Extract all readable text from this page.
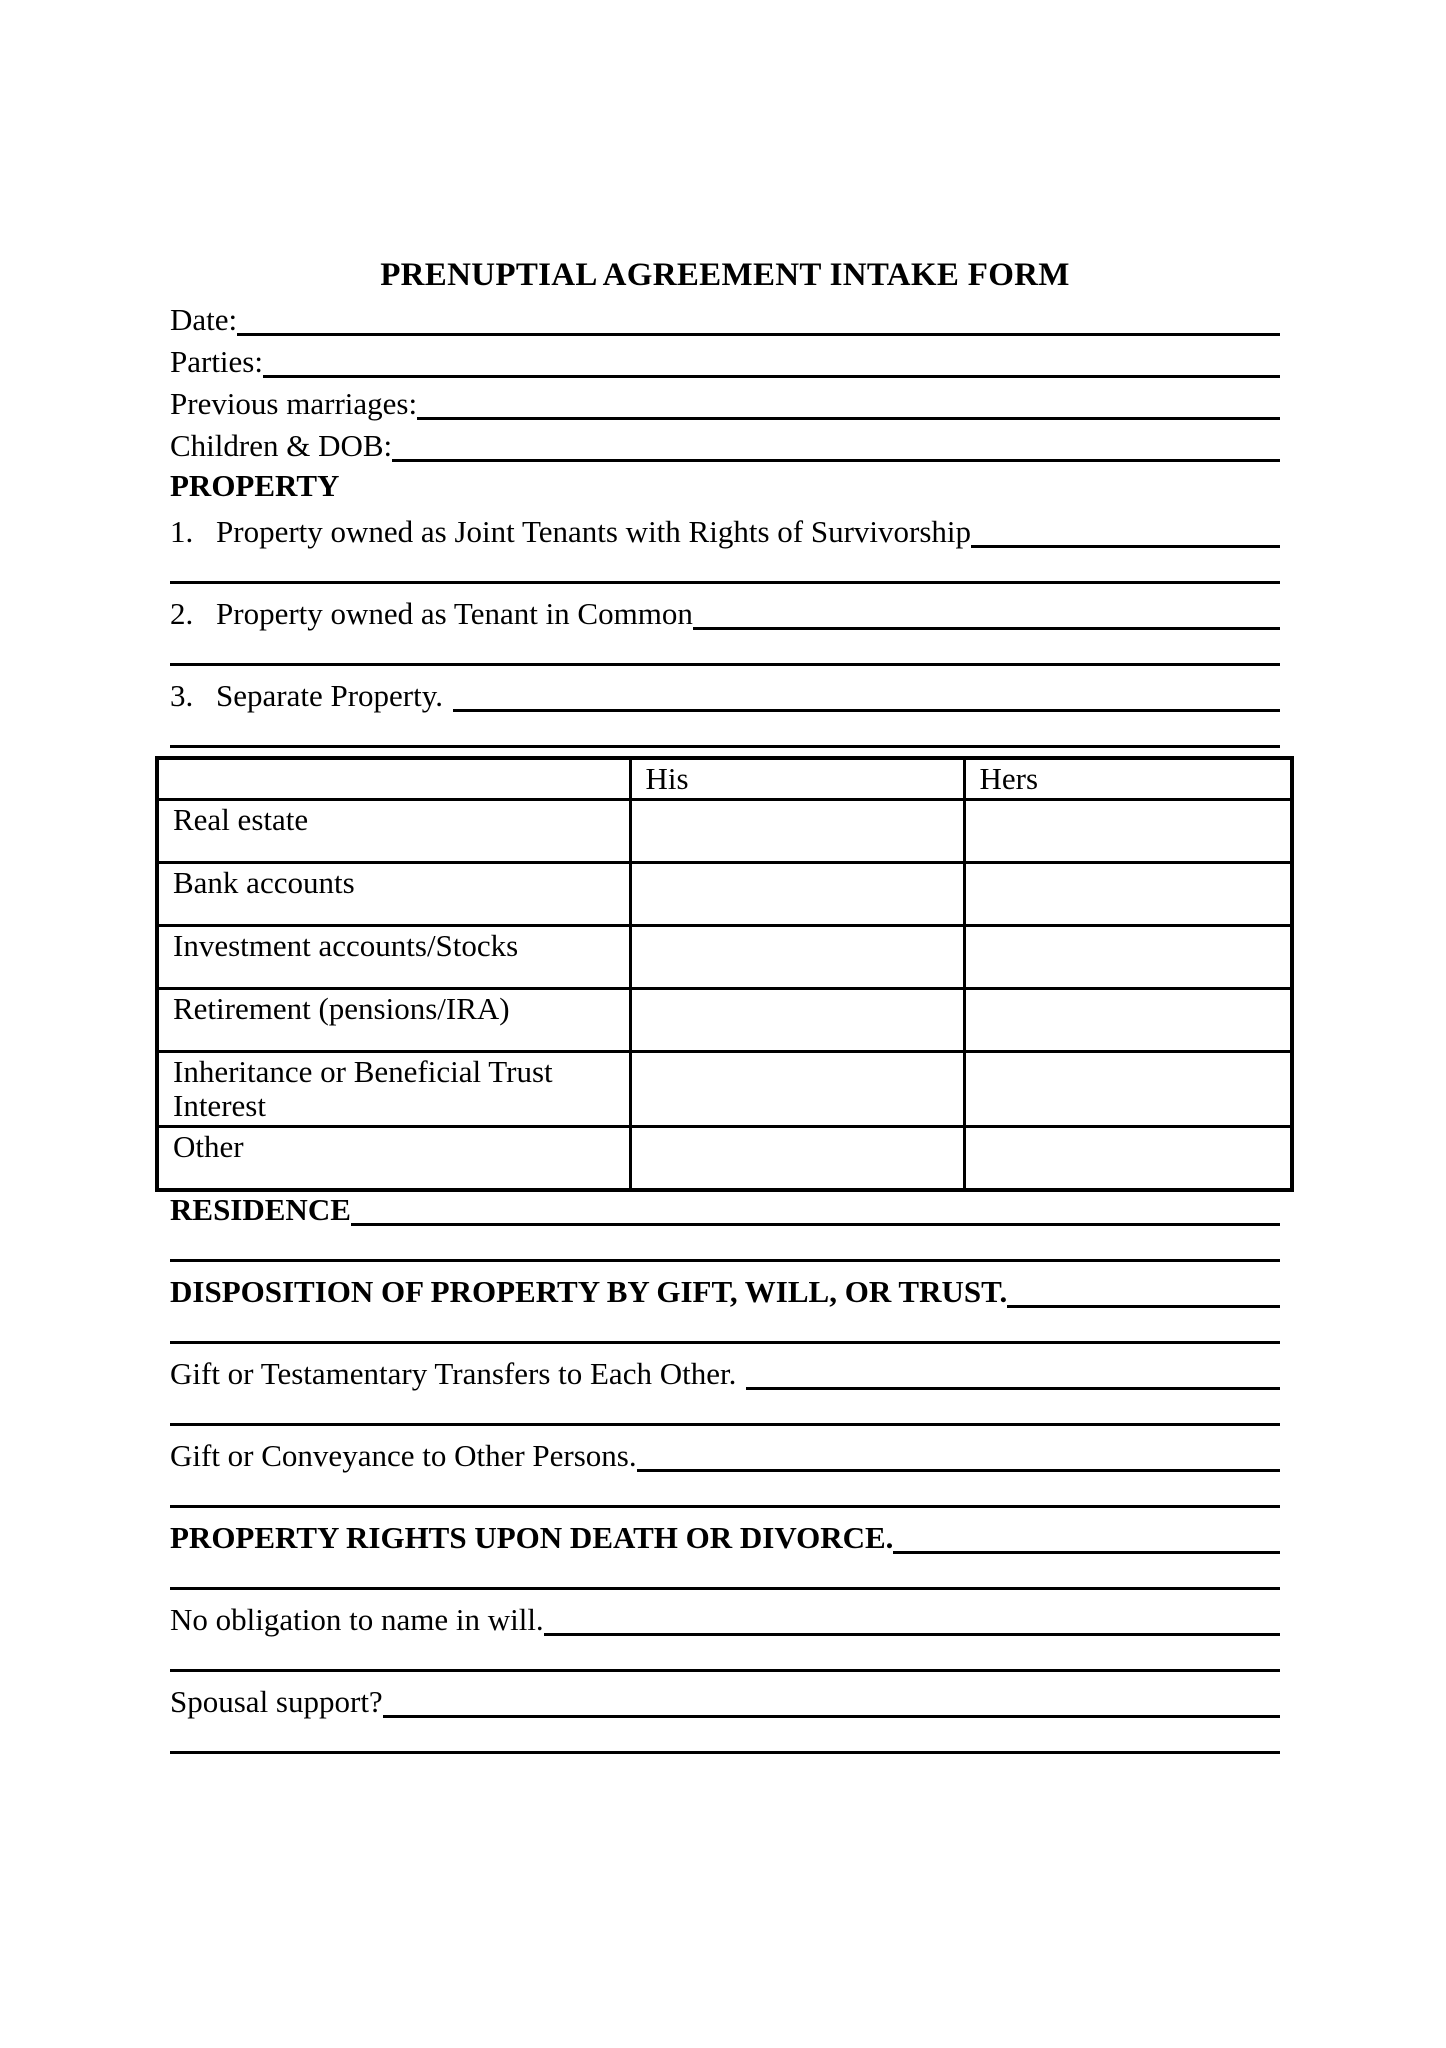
PRENUPTIAL AGREEMENT INTAKE FORM
Date:
Parties:
Previous marriages:
Children & DOB:
PROPERTY
1. Property owned as Joint Tenants with Rights of Survivorship
2. Property owned as Tenant in Common
3. Separate Property.
	His	Hers
Real estate		
Bank accounts		
Investment accounts/Stocks		
Retirement (pensions/IRA)		
Inheritance or Beneficial Trust Interest		
Other		
RESIDENCE
DISPOSITION OF PROPERTY BY GIFT, WILL, OR TRUST.
Gift or Testamentary Transfers to Each Other.
Gift or Conveyance to Other Persons.
PROPERTY RIGHTS UPON DEATH OR DIVORCE.
No obligation to name in will.
Spousal support?
